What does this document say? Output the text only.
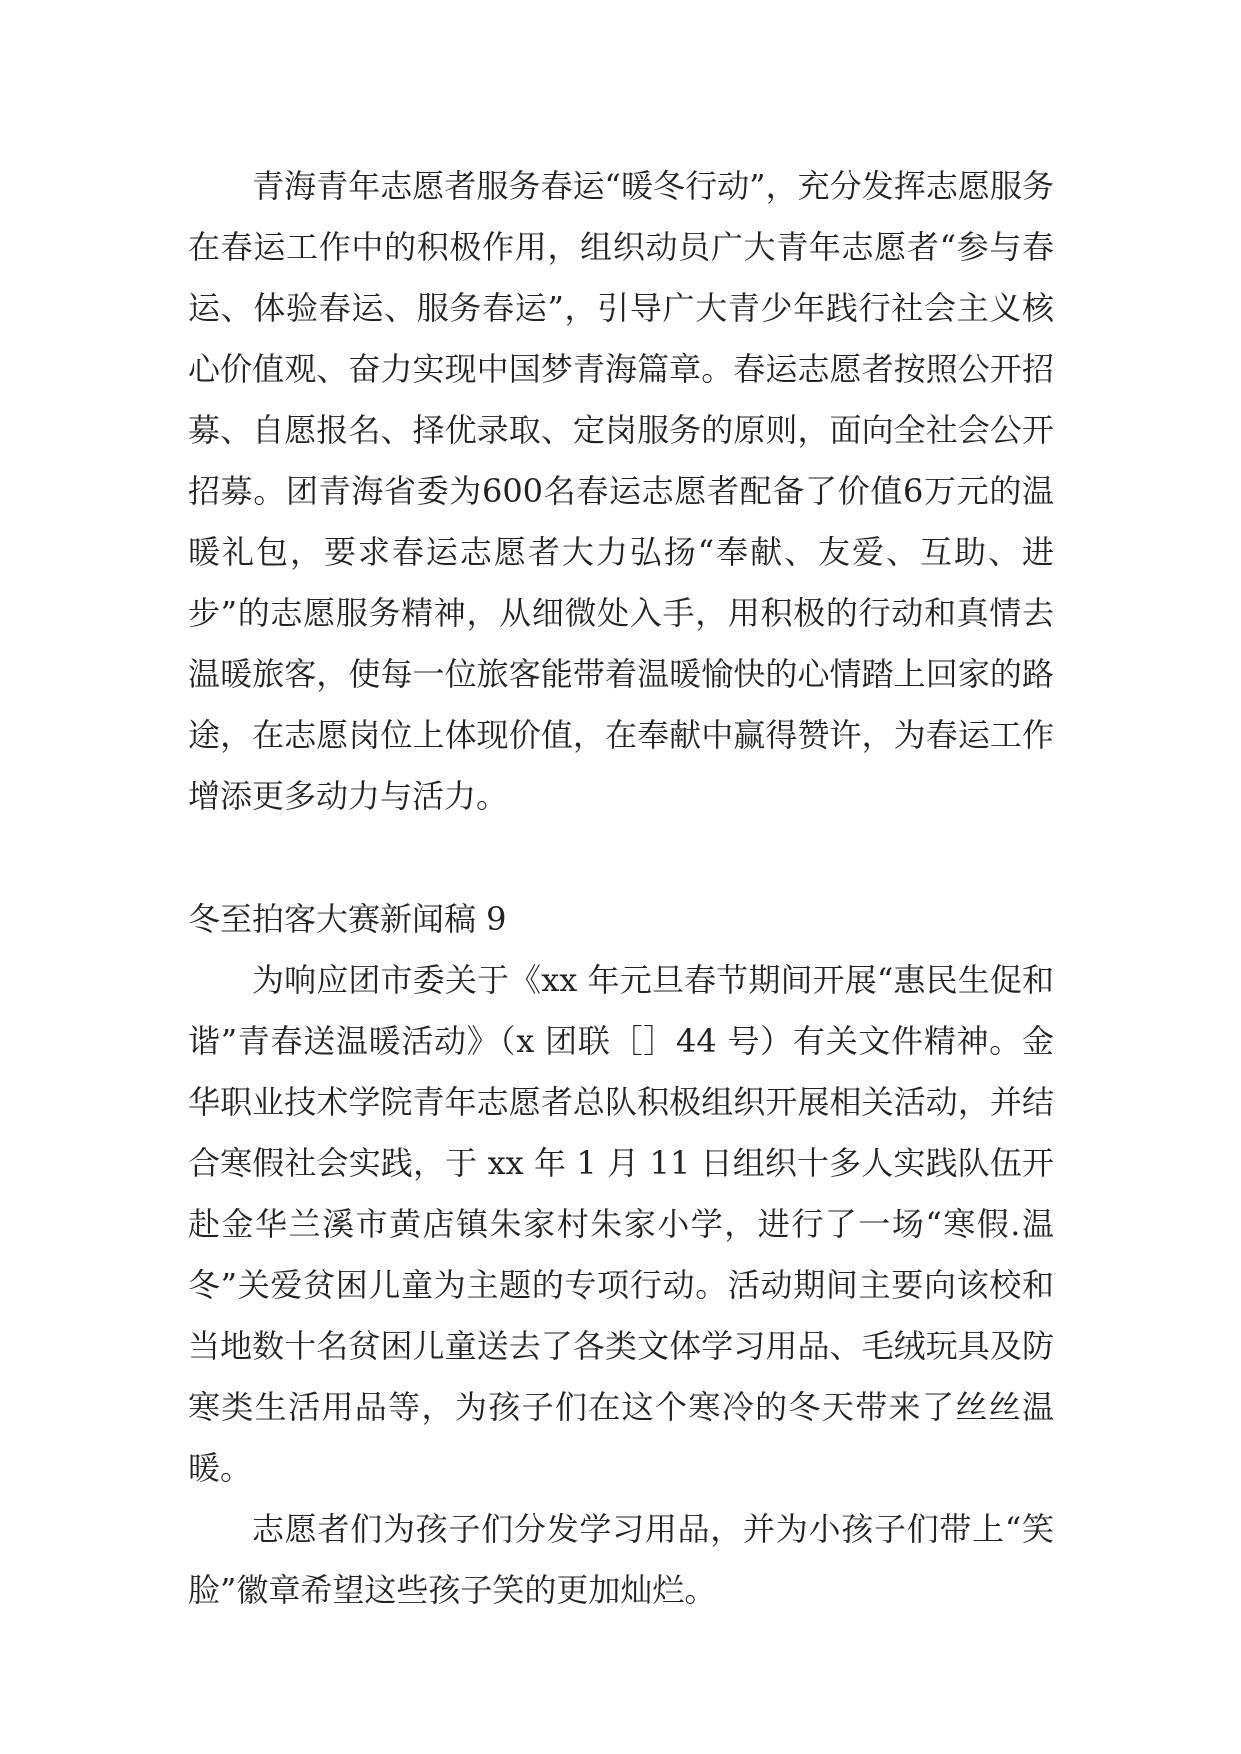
青海青年志愿者服务春运“暖冬行动”，充分发挥志愿服务在春运工作中的积极作用，组织动员广大青年志愿者“参与春运、体验春运、服务春运”，引导广大青少年践行社会主义核心价值观、奋力实现中国梦青海篇章。春运志愿者按照公开招募、自愿报名、择优录取、定岗服务的原则，面向全社会公开招募。团青海省委为600名春运志愿者配备了价值6万元的温暖礼包，要求春运志愿者大力弘扬“奉献、友爱、互助、进步”的志愿服务精神，从细微处入手，用积极的行动和真情去温暖旅客，使每一位旅客能带着温暖愉快的心情踏上回家的路途，在志愿岗位上体现价值，在奉献中赢得赞许，为春运工作增添更多动力与活力。

冬至拍客大赛新闻稿 9

为响应团市委关于《xx 年元旦春节期间开展“惠民生促和谐”青春送温暖活动》（x 团联［］44 号）有关文件精神。金华职业技术学院青年志愿者总队积极组织开展相关活动，并结合寒假社会实践，于 xx 年 1 月 11 日组织十多人实践队伍开赴金华兰溪市黄店镇朱家村朱家小学，进行了一场“寒假.温冬”关爱贫困儿童为主题的专项行动。活动期间主要向该校和当地数十名贫困儿童送去了各类文体学习用品、毛绒玩具及防寒类生活用品等，为孩子们在这个寒冷的冬天带来了丝丝温暖。

志愿者们为孩子们分发学习用品，并为小孩子们带上“笑脸”徽章希望这些孩子笑的更加灿烂。
